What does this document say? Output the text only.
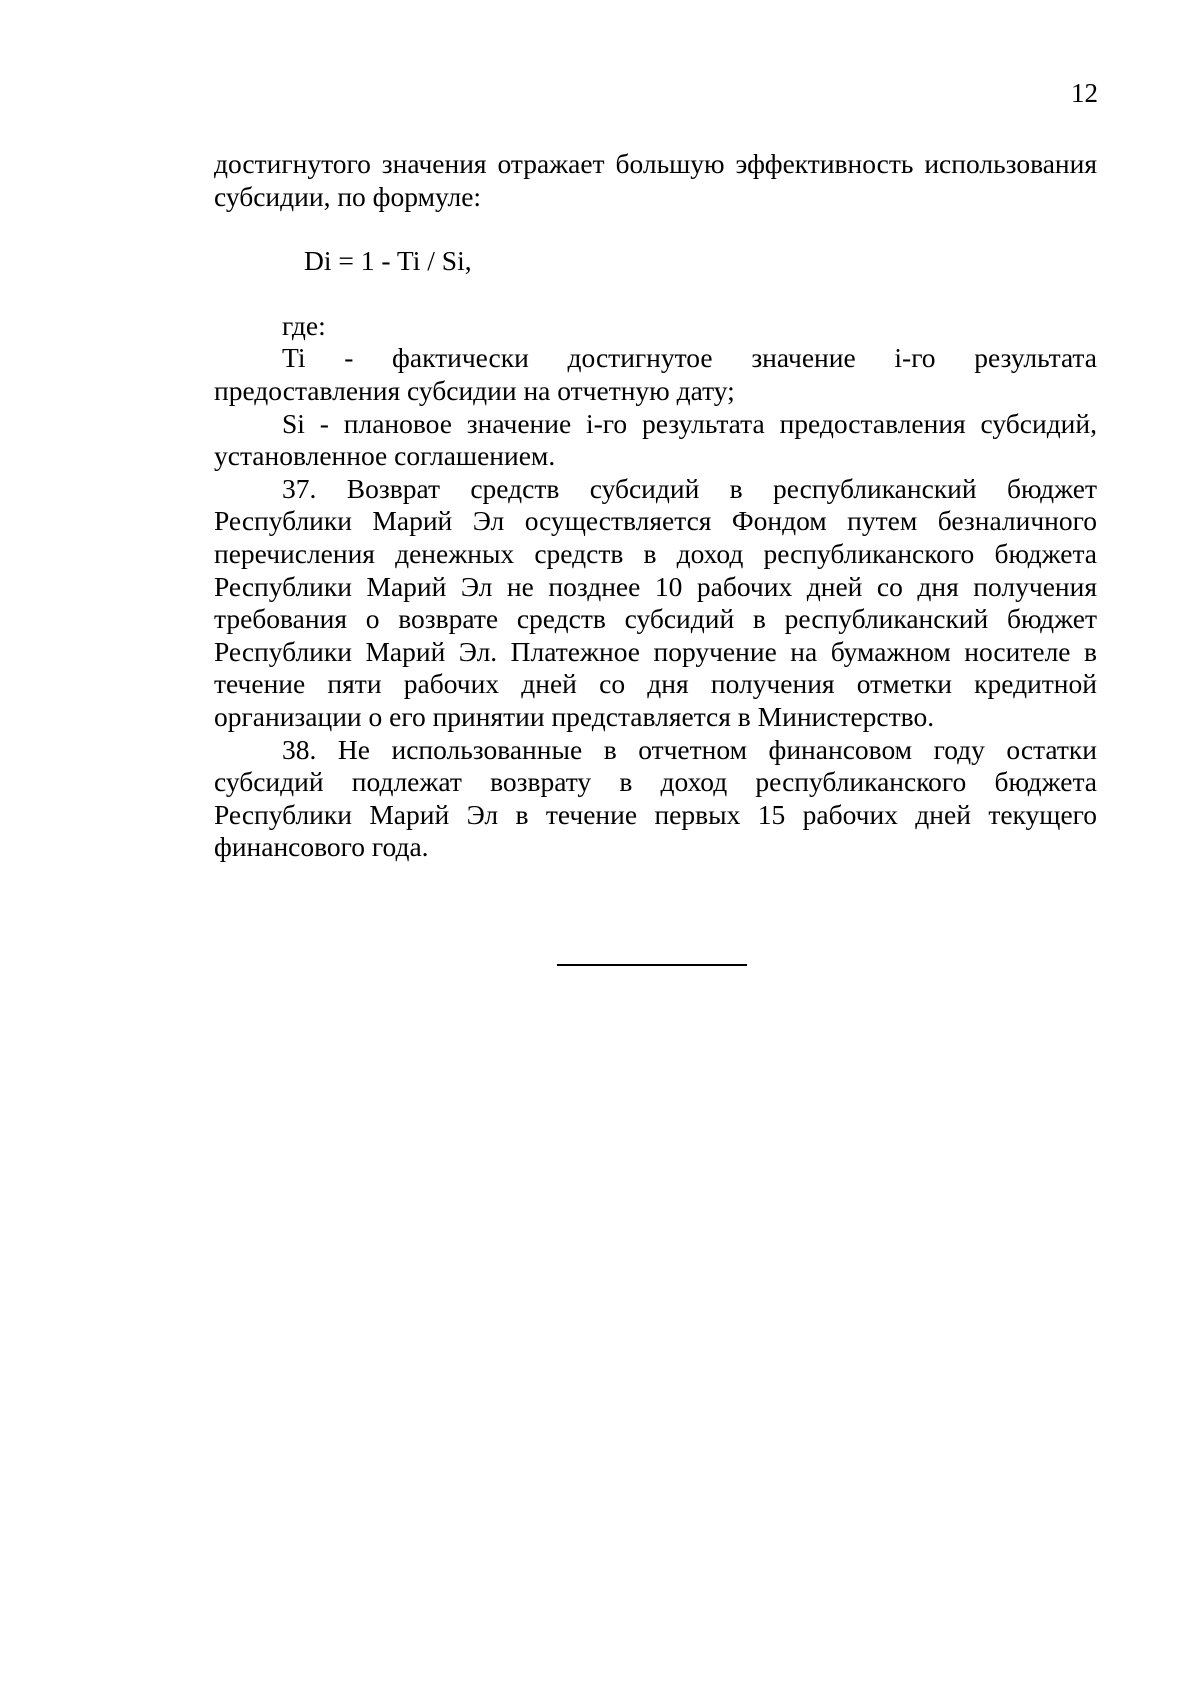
12

достигнутого значения отражает большую эффективность использования субсидии, по формуле:

Di = 1 - Ti / Si,

где:

Ti - фактически достигнутое значение i-го результата предоставления субсидии на отчетную дату;

Si - плановое значение i-го результата предоставления субсидий, установленное соглашением.

37. Возврат средств субсидий в республиканский бюджет Республики Марий Эл осуществляется Фондом путем безналичного перечисления денежных средств в доход республиканского бюджета Республики Марий Эл не позднее 10 рабочих дней со дня получения требования о возврате средств субсидий в республиканский бюджет Республики Марий Эл. Платежное поручение на бумажном носителе в течение пяти рабочих дней со дня получения отметки кредитной организации о его принятии представляется в Министерство.

38. Не использованные в отчетном финансовом году остатки субсидий подлежат возврату в доход республиканского бюджета Республики Марий Эл в течение первых 15 рабочих дней текущего финансового года.
